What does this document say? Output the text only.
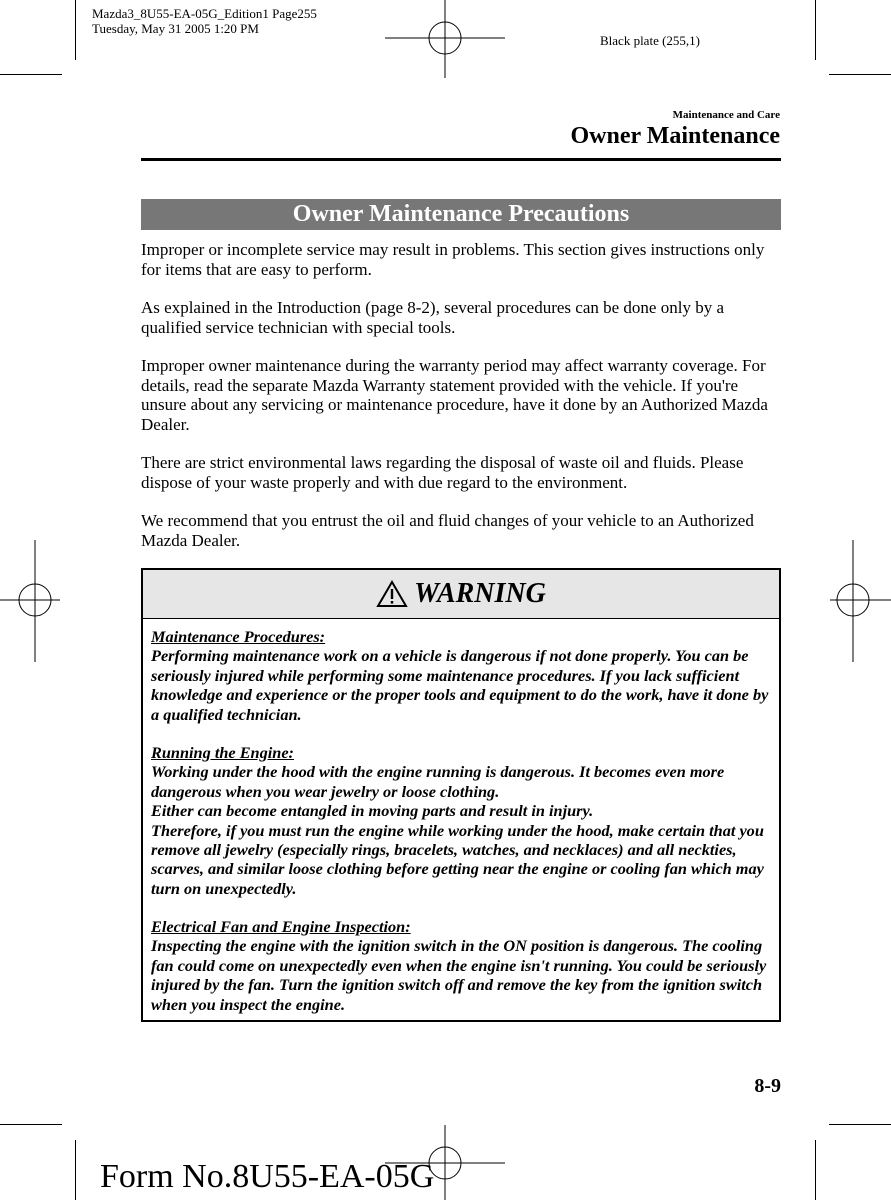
Mazda3_8U55-EA-05G_Edition1 Page255
Tuesday, May 31 2005 1:20 PM
Black plate (255,1)
Maintenance and Care
Owner Maintenance
Owner Maintenance Precautions
Improper or incomplete service may result in problems. This section gives instructions only for items that are easy to perform.
As explained in the Introduction (page 8-2), several procedures can be done only by a qualified service technician with special tools.
Improper owner maintenance during the warranty period may affect warranty coverage. For details, read the separate Mazda Warranty statement provided with the vehicle. If you're unsure about any servicing or maintenance procedure, have it done by an Authorized Mazda Dealer.
There are strict environmental laws regarding the disposal of waste oil and fluids. Please dispose of your waste properly and with due regard to the environment.
We recommend that you entrust the oil and fluid changes of your vehicle to an Authorized Mazda Dealer.
WARNING
Maintenance Procedures:
Performing maintenance work on a vehicle is dangerous if not done properly. You can be seriously injured while performing some maintenance procedures. If you lack sufficient knowledge and experience or the proper tools and equipment to do the work, have it done by a qualified technician.
Running the Engine:
Working under the hood with the engine running is dangerous. It becomes even more dangerous when you wear jewelry or loose clothing.
Either can become entangled in moving parts and result in injury.
Therefore, if you must run the engine while working under the hood, make certain that you remove all jewelry (especially rings, bracelets, watches, and necklaces) and all neckties, scarves, and similar loose clothing before getting near the engine or cooling fan which may turn on unexpectedly.
Electrical Fan and Engine Inspection:
Inspecting the engine with the ignition switch in the ON position is dangerous. The cooling fan could come on unexpectedly even when the engine isn't running. You could be seriously injured by the fan. Turn the ignition switch off and remove the key from the ignition switch when you inspect the engine.
8-9
Form No.8U55-EA-05G
